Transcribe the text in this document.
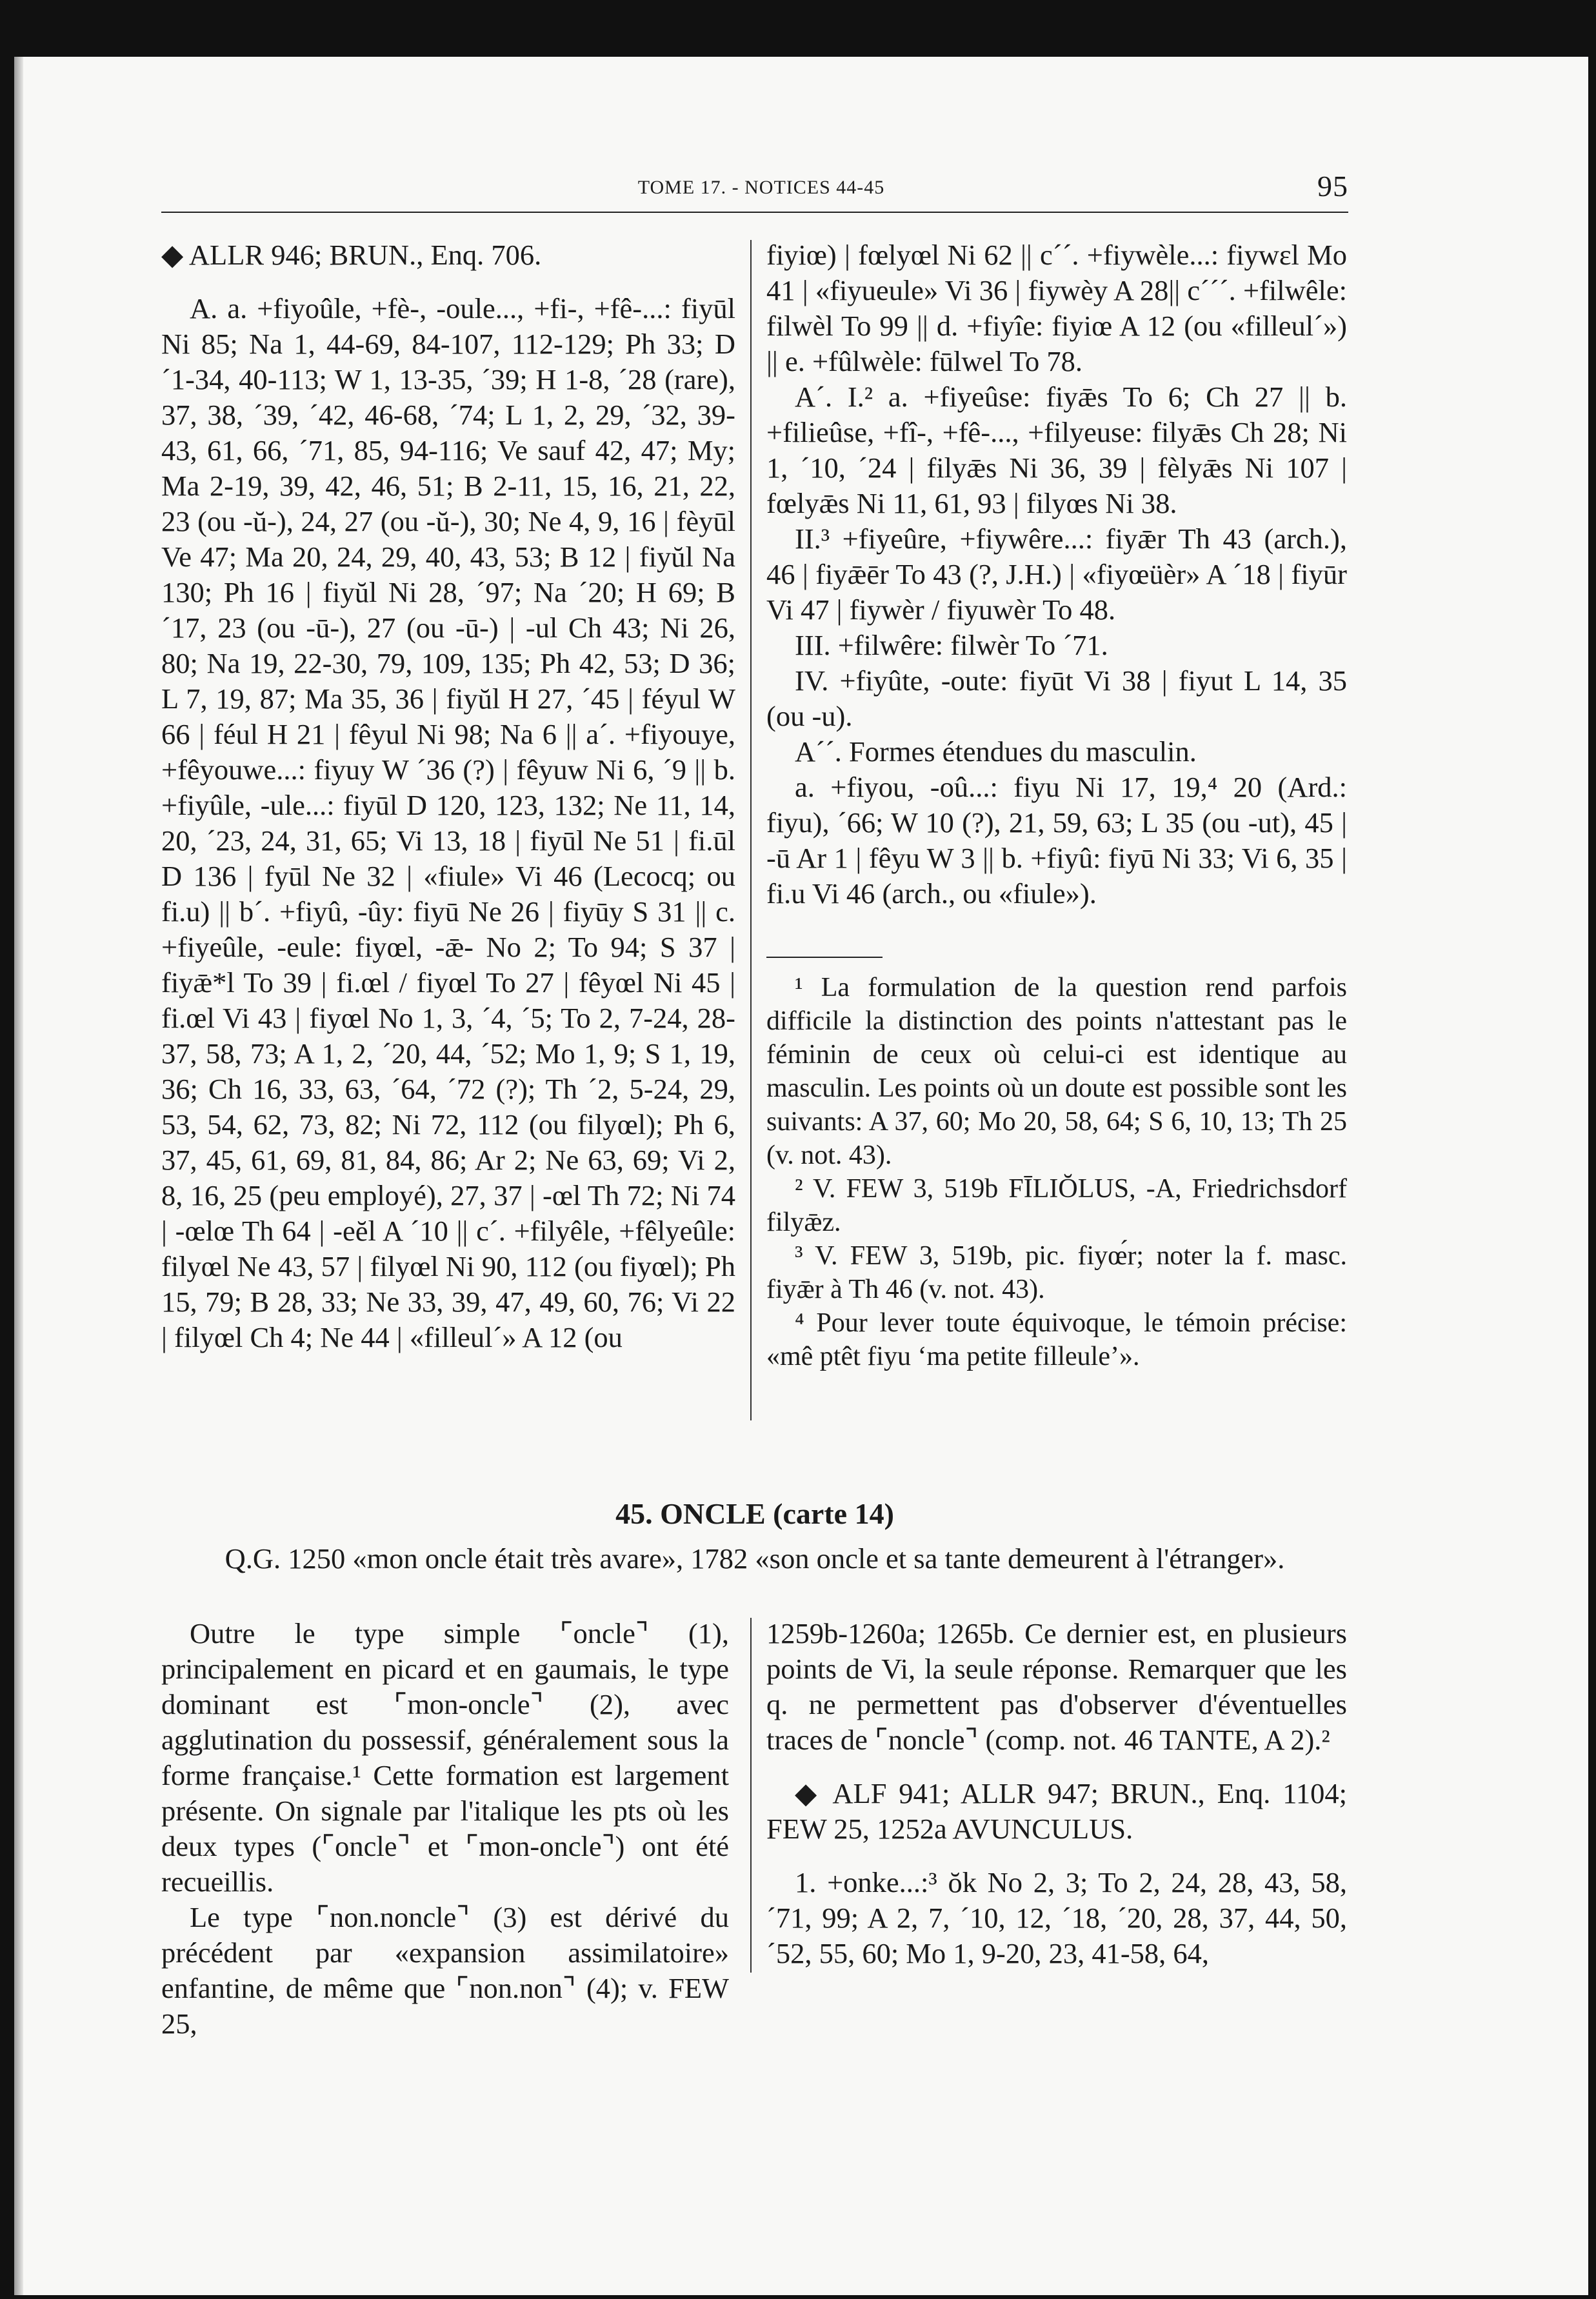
TOME 17. - NOTICES 44-45	95

◆ ALLR 946; BRUN., Enq. 706.

A. a. +fiyoûle, +fè-, -oule..., +fi-, +fê-...: fiyūl Ni 85; Na 1, 44-69, 84-107, 112-129; Ph 33; D ´1-34, 40-113; W 1, 13-35, ´39; H 1-8, ´28 (rare), 37, 38, ´39, ´42, 46-68, ´74; L 1, 2, 29, ´32, 39-43, 61, 66, ´71, 85, 94-116; Ve sauf 42, 47; My; Ma 2-19, 39, 42, 46, 51; B 2-11, 15, 16, 21, 22, 23 (ou -ŭ-), 24, 27 (ou -ŭ-), 30; Ne 4, 9, 16 | fèyūl Ve 47; Ma 20, 24, 29, 40, 43, 53; B 12 | fiyŭl Na 130; Ph 16 | fiyŭl Ni 28, ´97; Na ´20; H 69; B ´17, 23 (ou -ū-), 27 (ou -ū-) | -ul Ch 43; Ni 26, 80; Na 19, 22-30, 79, 109, 135; Ph 42, 53; D 36; L 7, 19, 87; Ma 35, 36 | fiyŭl H 27, ´45 | féyul W 66 | féul H 21 | fêyul Ni 98; Na 6 || a´. +fiyouye, +fêyouwe...: fiyuy W ´36 (?) | fêyuw Ni 6, ´9 || b. +fiyûle, -ule...: fiyūl D 120, 123, 132; Ne 11, 14, 20, ´23, 24, 31, 65; Vi 13, 18 | fiyūl Ne 51 | fi.ūl D 136 | fyūl Ne 32 | «fiule» Vi 46 (Lecocq; ou fi.u) || b´. +fiyû, -ûy: fiyū Ne 26 | fiyūy S 31 || c. +fiyeûle, -eule: fiyœl, -ǣ- No 2; To 94; S 37 | fiyǣ*l To 39 | fi.œl / fiyœl To 27 | fêyœl Ni 45 | fi.œl Vi 43 | fiyœl No 1, 3, ´4, ´5; To 2, 7-24, 28-37, 58, 73; A 1, 2, ´20, 44, ´52; Mo 1, 9; S 1, 19, 36; Ch 16, 33, 63, ´64, ´72 (?); Th ´2, 5-24, 29, 53, 54, 62, 73, 82; Ni 72, 112 (ou filyœl); Ph 6, 37, 45, 61, 69, 81, 84, 86; Ar 2; Ne 63, 69; Vi 2, 8, 16, 25 (peu employé), 27, 37 | -œl Th 72; Ni 74 | -œlœ Th 64 | -eĕl A ´10 || c´. +filyêle, +fêlyeûle: filyœl Ne 43, 57 | filyœl Ni 90, 112 (ou fiyœl); Ph 15, 79; B 28, 33; Ne 33, 39, 47, 49, 60, 76; Vi 22 | filyœl Ch 4; Ne 44 | «filleul´» A 12 (ou

fiyiœ) | fœlyœl Ni 62 || c´´. +fiywèle...: fiywɛl Mo 41 | «fiyueule» Vi 36 | fiywèy A 28|| c´´´. +filwêle: filwèl To 99 || d. +fiyîe: fiyiœ A 12 (ou «filleul´») || e. +fûlwèle: fūlwel To 78.

A´. I.² a. +fiyeûse: fiyǣs To 6; Ch 27 || b. +filieûse, +fî-, +fê-..., +filyeuse: filyǣs Ch 28; Ni 1, ´10, ´24 | filyǣs Ni 36, 39 | fèlyǣs Ni 107 | fœlyǣs Ni 11, 61, 93 | filyœs Ni 38.

II.³ +fiyeûre, +fiywêre...: fiyǣr Th 43 (arch.), 46 | fiyǣēr To 43 (?, J.H.) | «fiyœüèr» A ´18 | fiyūr Vi 47 | fiywèr / fiyuwèr To 48.

III. +filwêre: filwèr To ´71.

IV. +fiyûte, -oute: fiyūt Vi 38 | fiyut L 14, 35 (ou -u).

A´´. Formes étendues du masculin.

a. +fiyou, -oû...: fiyu Ni 17, 19,⁴ 20 (Ard.: fiyu), ´66; W 10 (?), 21, 59, 63; L 35 (ou -ut), 45 | -ū Ar 1 | fêyu W 3 || b. +fiyû: fiyū Ni 33; Vi 6, 35 | fi.u Vi 46 (arch., ou «fiule»).

¹ La formulation de la question rend parfois difficile la distinction des points n'attestant pas le féminin de ceux où celui-ci est identique au masculin. Les points où un doute est possible sont les suivants: A 37, 60; Mo 20, 58, 64; S 6, 10, 13; Th 25 (v. not. 43).

² V. FEW 3, 519b FĪLIŎLUS, -A, Friedrichsdorf filyǣz.

³ V. FEW 3, 519b, pic. fiyœ́r; noter la f. masc. fiyǣr à Th 46 (v. not. 43).

⁴ Pour lever toute équivoque, le témoin précise: «mê ptêt fiyu ‘ma petite filleule’».

45. ONCLE (carte 14)
Q.G. 1250 «mon oncle était très avare», 1782 «son oncle et sa tante demeurent à l'étranger».

Outre le type simple ⌜oncle⌝ (1), principalement en picard et en gaumais, le type dominant est ⌜mon-oncle⌝ (2), avec agglutination du possessif, généralement sous la forme française.¹ Cette formation est largement présente. On signale par l'italique les pts où les deux types (⌜oncle⌝ et ⌜mon-oncle⌝) ont été recueillis.

Le type ⌜non.noncle⌝ (3) est dérivé du précédent par «expansion assimilatoire» enfantine, de même que ⌜non.non⌝ (4); v. FEW 25,

1259b-1260a; 1265b. Ce dernier est, en plusieurs points de Vi, la seule réponse. Remarquer que les q. ne permettent pas d'observer d'éventuelles traces de ⌜noncle⌝ (comp. not. 46 TANTE, A 2).²

◆ ALF 941; ALLR 947; BRUN., Enq. 1104; FEW 25, 1252a AVUNCULUS.

1. +onke...:³ ŏk No 2, 3; To 2, 24, 28, 43, 58, ´71, 99; A 2, 7, ´10, 12, ´18, ´20, 28, 37, 44, 50, ´52, 55, 60; Mo 1, 9-20, 23, 41-58, 64,
